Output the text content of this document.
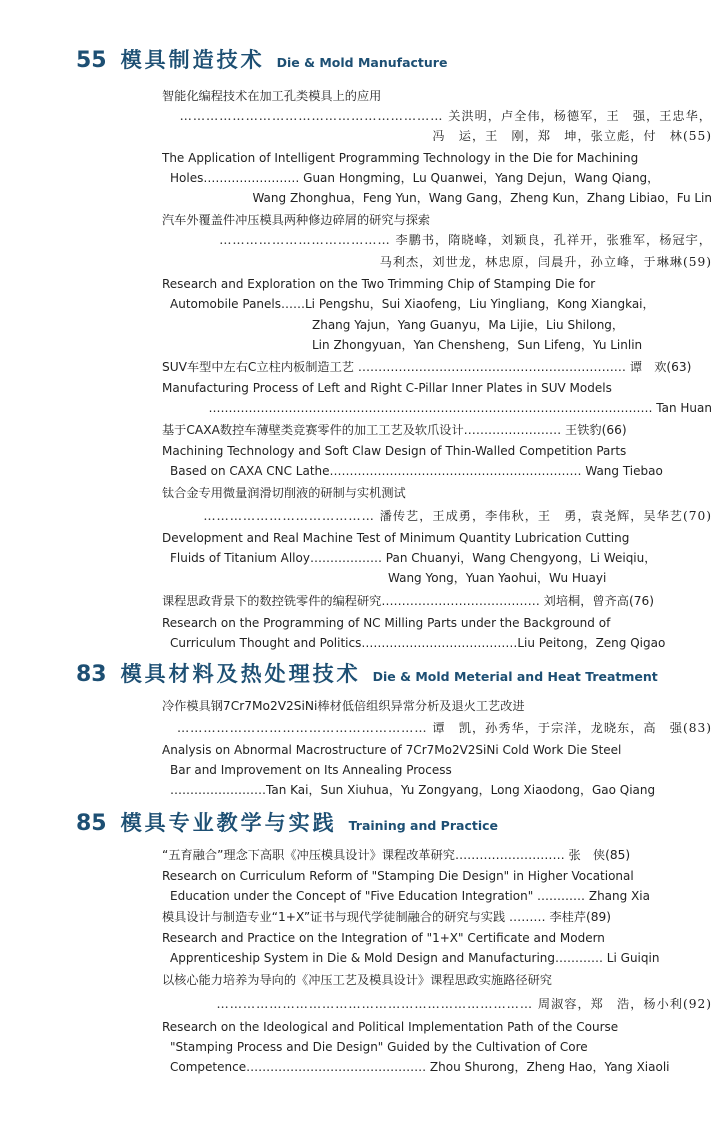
55 模具制造技术 Die & Mold Manufacture
智能化编程技术在加工孔类模具上的应用
…………………………………………………… 关洪明，卢全伟，杨德军，王　强，王忠华，
冯　运，王　刚，郑　坤，张立彪，付　林(55)
The Application of Intelligent Programming Technology in the Die for Machining
Holes…………………… Guan Hongming，Lu Quanwei，Yang Dejun，Wang Qiang，
Wang Zhonghua，Feng Yun，Wang Gang，Zheng Kun，Zhang Libiao，Fu Lin
汽车外覆盖件冲压模具两种修边碎屑的研究与探索
………………………………… 李鹏书，隋晓峰，刘颖良，孔祥开，张雅军，杨冠宇，
马利杰，刘世龙，林忠原，闫晨升，孙立峰，于琳琳(59)
Research and Exploration on the Two Trimming Chip of Stamping Die for
Automobile Panels……Li Pengshu，Sui Xiaofeng，Liu Yingliang，Kong Xiangkai，
Zhang Yajun，Yang Guanyu，Ma Lijie，Liu Shilong，
Lin Zhongyuan，Yan Chensheng，Sun Lifeng，Yu Linlin
SUV车型中左右C立柱内板制造工艺 ………………………………………………………… 谭　欢(63)
Manufacturing Process of Left and Right C-Pillar Inner Plates in SUV Models
………………………………………………………………………………………………… Tan Huan
基于CAXA数控车薄壁类竞赛零件的加工工艺及软爪设计…………………… 王铁豹(66)
Machining Technology and Soft Claw Design of Thin-Walled Competition Parts
Based on CAXA CNC Lathe……………………………………………………… Wang Tiebao
钛合金专用微量润滑切削液的研制与实机测试
………………………………… 潘传艺，王成勇，李伟秋，王　勇，袁尧辉，吴华艺(70)
Development and Real Machine Test of Minimum Quantity Lubrication Cutting
Fluids of Titanium Alloy……………… Pan Chuanyi，Wang Chengyong，Li Weiqiu，
Wang Yong，Yuan Yaohui，Wu Huayi
课程思政背景下的数控铣零件的编程研究………………………………… 刘培桐，曾齐高(76)
Research on the Programming of NC Milling Parts under the Background of
Curriculum Thought and Politics…………………………………Liu Peitong，Zeng Qigao
83 模具材料及热处理技术 Die & Mold Meterial and Heat Treatment
冷作模具钢7Cr7Mo2V2SiNi棒材低倍组织异常分析及退火工艺改进
………………………………………………… 谭　凯，孙秀华，于宗洋，龙晓东，高　强(83)
Analysis on Abnormal Macrostructure of 7Cr7Mo2V2SiNi Cold Work Die Steel
Bar and Improvement on Its Annealing Process
……………………Tan Kai，Sun Xiuhua，Yu Zongyang，Long Xiaodong，Gao Qiang
85 模具专业教学与实践 Training and Practice
“五育融合”理念下高职《冲压模具设计》课程改革研究……………………… 张　侠(85)
Research on Curriculum Reform of "Stamping Die Design" in Higher Vocational
Education under the Concept of "Five Education Integration" ………… Zhang Xia
模具设计与制造专业“1+X”证书与现代学徒制融合的研究与实践 ……… 李桂芹(89)
Research and Practice on the Integration of "1+X" Certificate and Modern
Apprenticeship System in Die & Mold Design and Manufacturing………… Li Guiqin
以核心能力培养为导向的《冲压工艺及模具设计》课程思政实施路径研究
……………………………………………………………… 周淑容，郑　浩，杨小利(92)
Research on the Ideological and Political Implementation Path of the Course
"Stamping Process and Die Design" Guided by the Cultivation of Core
Competence……………………………………… Zhou Shurong，Zheng Hao，Yang Xiaoli
